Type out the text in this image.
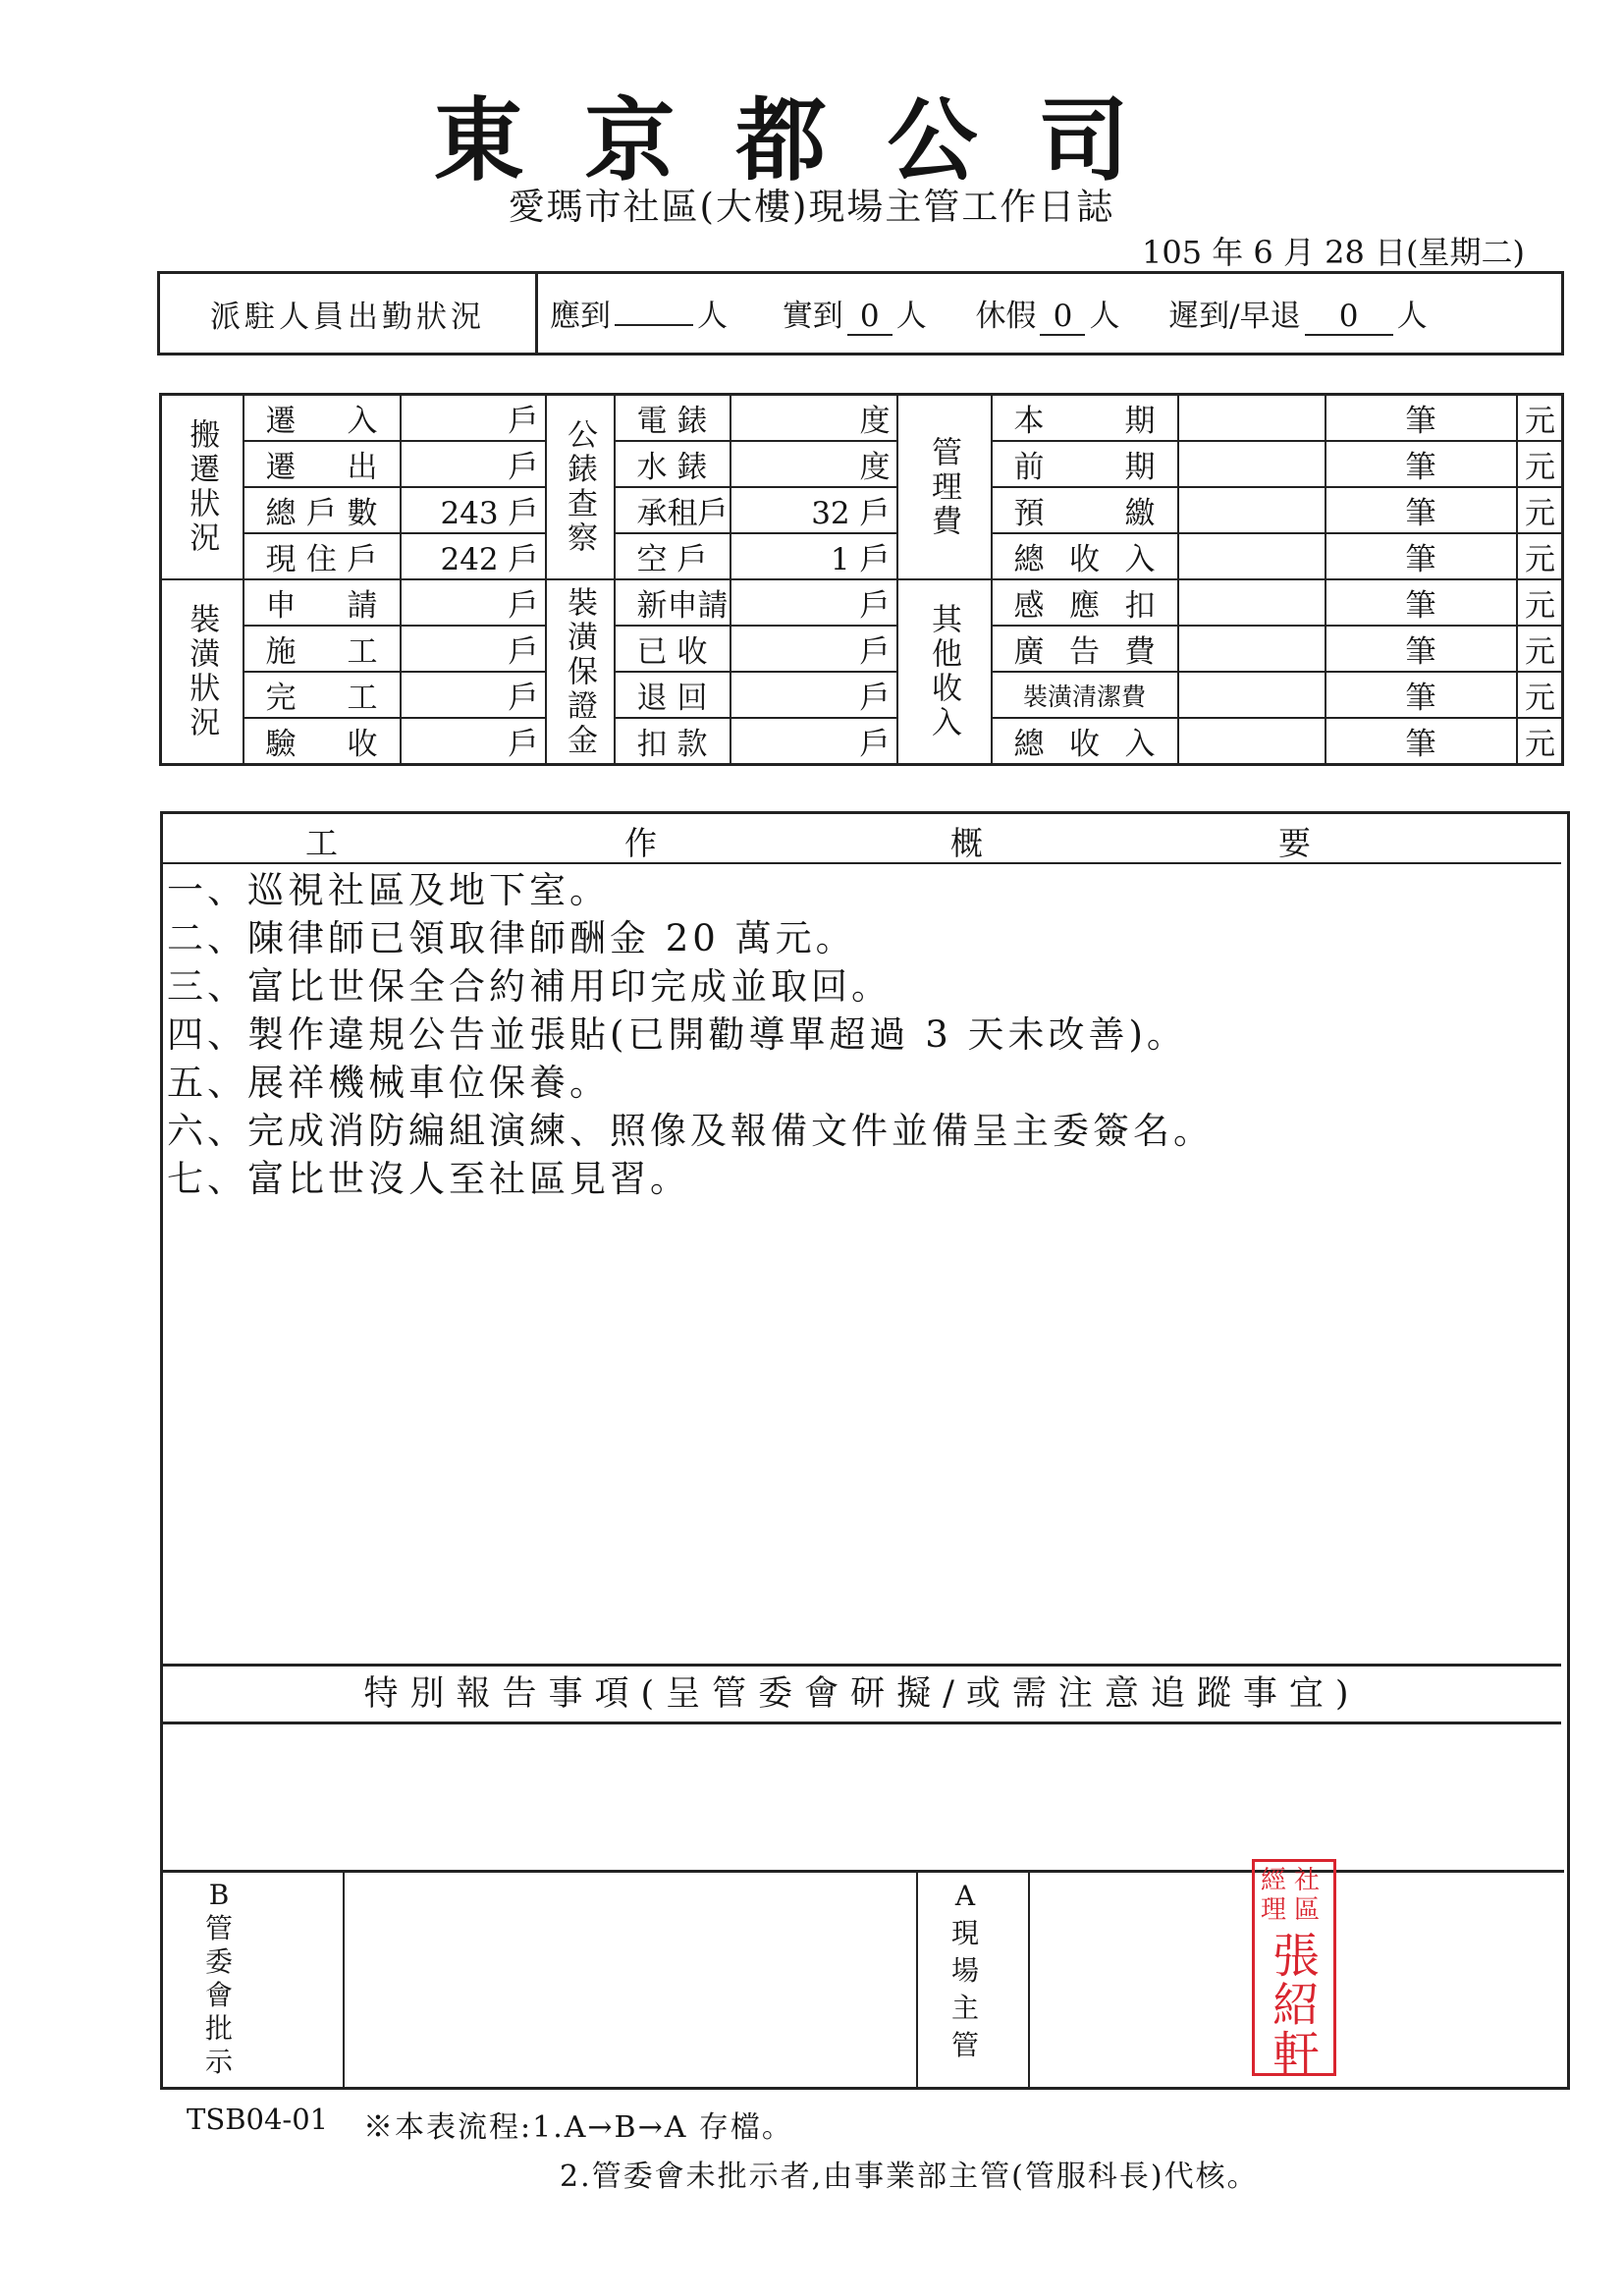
東京都公司
愛瑪市社區(大樓)現場主管工作日誌
105 年 6 月 28 日(星期二)
派駐人員出勤狀況	應到	人 實到 0 人 休假 0 人 遲到/早退 0 人
搬遷狀況	遷入	戶	公錶查察	電錶	度	管理費	本期		筆	元
	遷出	戶		水錶	度		前期		筆	元
	總戶數	243 戶		承租戶	32 戶		預繳		筆	元
	現住戶	242 戶		空戶	1 戶		總收入		筆	元
裝潢狀況	申請	戶	裝潢保證金	新申請	戶	其他收入	感應扣		筆	元
	施工	戶		已收	戶		廣告費		筆	元
	完工	戶		退回	戶		裝潢清潔費		筆	元
	驗收	戶		扣款	戶		總收入		筆	元
工	作	概	要
一、巡視社區及地下室。
二、陳律師已領取律師酬金 20 萬元。
三、富比世保全合約補用印完成並取回。
四、製作違規公告並張貼(已開勸導單超過 3 天未改善)。
五、展祥機械車位保養。
六、完成消防編組演練、照像及報備文件並備呈主委簽名。
七、富比世沒人至社區見習。
特別報告事項(呈管委會研擬/或需注意追蹤事宜)
B
管
委
會
批
示
A
現
場
主
管
經
理
社
區
張
紹
軒
TSB04-01 ※本表流程:1.A→B→A 存檔。
2.管委會未批示者,由事業部主管(管服科長)代核。
